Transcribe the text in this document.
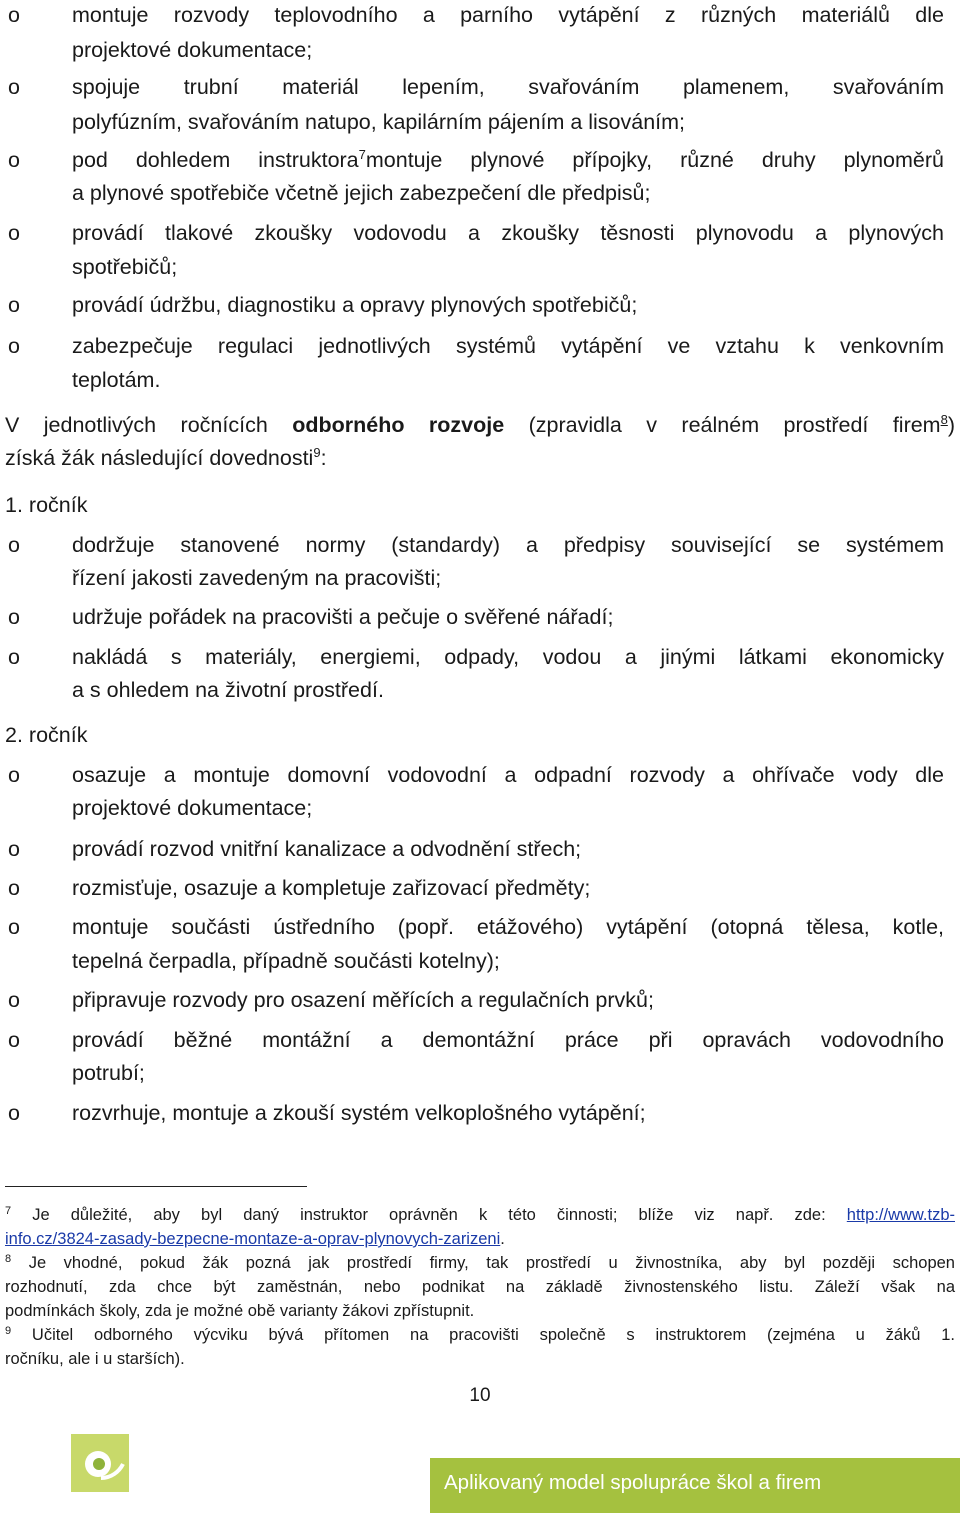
o montuje rozvody teplovodního a parního vytápění z různých materiálů dle
projektové dokumentace;
o spojuje trubní materiál lepením, svařováním plamenem, svařováním
polyfúzním, svařováním natupo, kapilárním pájením a lisováním;
o pod dohledem instruktora$^7$montuje plynové přípojky, různé druhy plynoměrů
a plynové spotřebiče včetně jejich zabezpečení dle předpisů;
o provádí tlakové zkoušky vodovodu a zkoušky těsnosti plynovodu a plynových
spotřebičů;
o provádí údržbu, diagnostiku a opravy plynových spotřebičů;
o zabezpečuje regulaci jednotlivých systémů vytápění ve vztahu k venkovním
teplotám.
V jednotlivých ročnících odborného rozvoje (zpravidla v reálném prostředí firem$^8$)
získá žák následující dovednosti$^9$:
1. ročník
o dodržuje stanovené normy (standardy) a předpisy související se systémem
řízení jakosti zavedeným na pracovišti;
o udržuje pořádek na pracovišti a pečuje o svěřené nářadí;
o nakládá s materiály, energiemi, odpady, vodou a jinými látkami ekonomicky
a s ohledem na životní prostředí.
2. ročník
o osazuje a montuje domovní vodovodní a odpadní rozvody a ohřívače vody dle
projektové dokumentace;
o provádí rozvod vnitřní kanalizace a odvodnění střech;
o rozmisťuje, osazuje a kompletuje zařizovací předměty;
o montuje součásti ústředního (popř. etážového) vytápění (otopná tělesa, kotle,
tepelná čerpadla, případně součásti kotelny);
o připravuje rozvody pro osazení měřících a regulačních prvků;
o provádí běžné montážní a demontážní práce při opravách vodovodního
potrubí;
o rozvrhuje, montuje a zkouší systém velkoplošného vytápění;
$^7$ Je důležité, aby byl daný instruktor oprávněn k této činnosti; blíže viz např. zde: http://www.tzb-
info.cz/3824-zasady-bezpecne-montaze-a-oprav-plynovych-zarizeni.
$^8$ Je vhodné, pokud žák pozná jak prostředí firmy, tak prostředí u živnostníka, aby byl později schopen
rozhodnutí, zda chce být zaměstnán, nebo podnikat na základě živnostenského listu. Záleží však na
podmínkách školy, zda je možné obě varianty žákovi zpřístupnit.
$^9$ Učitel odborného výcviku bývá přítomen na pracovišti společně s instruktorem (zejména u žáků 1.
ročníku, ale i u starších).
10
Aplikovaný model spolupráce škol a firem
